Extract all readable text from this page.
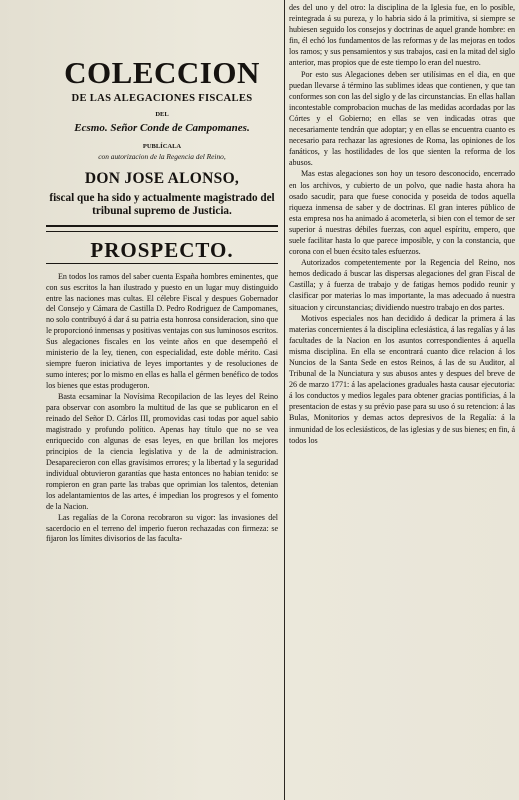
COLECCION
DE LAS ALEGACIONES FISCALES
DEL
Ecsmo. Señor Conde de Campomanes.
PUBLÍCALA
con autorizacion de la Regencia del Reino,
DON JOSE ALONSO,
fiscal que ha sido y actualmente magistrado del tribunal supremo de Justicia.
PROSPECTO.

En todos los ramos del saber cuenta España hombres eminentes, que con sus escritos la han ilustrado y puesto en un lugar muy distinguido entre las naciones mas cultas. El célebre Fiscal y despues Gobernador del Consejo y Cámara de Castilla D. Pedro Rodriguez de Campomanes, no solo contribuyó á dar á su patria esta honrosa consideracion, sino que le proporcionó inmensas y positivas ventajas con sus luminosos escritos. Sus alegaciones fiscales en los veinte años en que desempeñó el ministerio de la ley, tienen, con especialidad, este doble mérito. Casi siempre fueron iniciativa de leyes importantes y de resoluciones de sumo interes; por lo mismo en ellas es halla el gérmen benéfico de todos los bienes que estas produgeron.

Basta ecsaminar la Novísima Recopilacion de las leyes del Reino para observar con asombro la multitud de las que se publicaron en el reinado del Señor D. Cárlos III, promovidas casi todas por aquel sabio magistrado y profundo político. Apenas hay título que no se vea enriquecido con algunas de esas leyes, en que brillan los mejores principios de la ciencia legislativa y de la de administracion. Desaparecieron con ellas gravísimos errores; y la libertad y la seguridad individual obtuvieron garantías que hasta entonces no habian tenido: se rompieron en gran parte las trabas que oprimian los talentos, detenian los adelantamientos de las artes, é impedian los progresos y el fomento de la Nacion.

Las regalías de la Corona recobraron su vigor: las invasiones del sacerdocio en el terreno del imperio fueron rechazadas con firmeza: se fijaron los límites divisorios de las faculta-

des del uno y del otro: la disciplina de la Iglesia fue, en lo posible, reintegrada á su pureza, y lo habria sido á la primitiva, si siempre se hubiesen seguido los consejos y doctrinas de aquel grande hombre: en fin, él echó los fundamentos de las reformas y de las mejoras en todos los ramos; y sus pensamientos y sus trabajos, casi en la mitad del siglo anterior, mas propios que de este tiempo lo eran del nuestro.

Por esto sus Alegaciones deben ser utilísimas en el dia, en que puedan llevarse á término las sublimes ideas que contienen, y que tan conformes son con las del siglo y de las circunstancias. En ellas hallan incontestable comprobacion muchas de las medidas acordadas por las Córtes y el Gobierno; en ellas se ven indicadas otras que necesariamente tendrán que adoptar; y en ellas se encuentra cuanto es necesario para rechazar las agresiones de Roma, las opiniones de los fanáticos, y las hostilidades de los que sienten la reforma de los abusos.

Mas estas alegaciones son hoy un tesoro desconocido, encerrado en los archivos, y cubierto de un polvo, que nadie hasta ahora ha osado sacudir, para que fuese conocida y poseida de todos aquella riqueza inmensa de saber y de doctrinas. El gran interes público de esta empresa nos ha animado á acometerla, si bien con el temor de ser superior á nuestras débiles fuerzas, con aquel espíritu, empero, que suele facilitar hasta lo que parece imposible, y con la constancia, que corona con el buen écsito tales esfuerzos.

Autorizados competentemente por la Regencia del Reino, nos hemos dedicado á buscar las dispersas alegaciones del gran Fiscal de Castilla; y á fuerza de trabajo y de fatigas hemos podido reunir y clasificar por materias lo mas importante, la mas adecuado á nuestra situacion y circunstancias; dividiendo nuestro trabajo en dos partes.

Motivos especiales nos han decidido á dedicar la primera á las materias concernientes á la disciplina eclesiástica, á las regalías y á las facultades de la Nacion en los asuntos correspondientes á aquella misma disciplina. En ella se encontrará cuanto dice relacion á los Nuncios de la Santa Sede en estos Reinos, á las de su Auditor, al Tribunal de la Nunciatura y sus abusos antes y despues del breve de 26 de marzo 1771: á las apelaciones graduales hasta causar ejecutoria: á los conductos y medios legales para obtener gracias pontificias, á la presentacion de estas y su prévio pase para su uso ó su retencion: á las Bulas, Monitorios y demas actos depresivos de la Regalía: á la inmunidad de los eclesiásticos, de las iglesias y de sus bienes; en fin, á todos los
